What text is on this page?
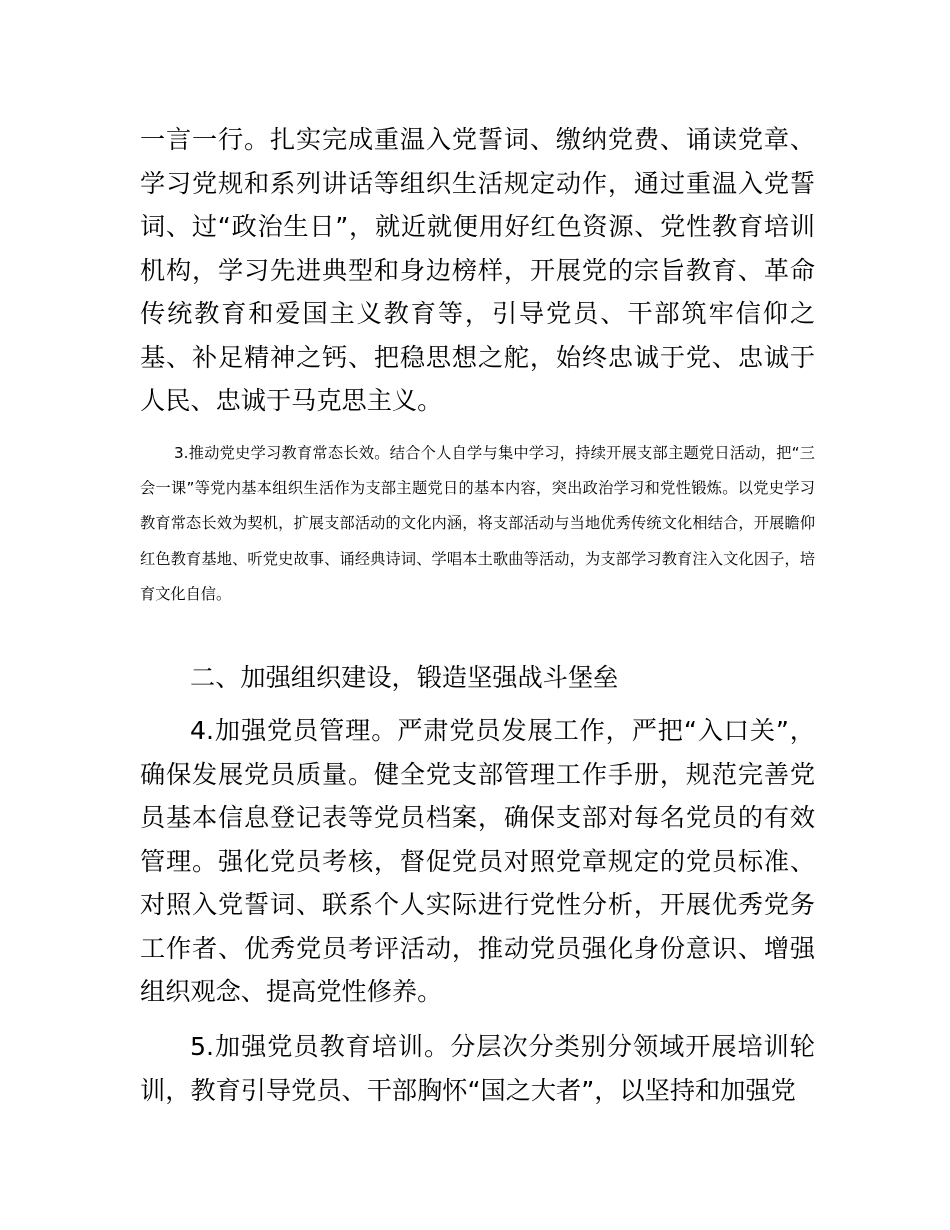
一言一行。扎实完成重温入党誓词、缴纳党费、诵读党章、学习党规和系列讲话等组织生活规定动作，通过重温入党誓词、过“政治生日”，就近就便用好红色资源、党性教育培训机构，学习先进典型和身边榜样，开展党的宗旨教育、革命传统教育和爱国主义教育等，引导党员、干部筑牢信仰之基、补足精神之钙、把稳思想之舵，始终忠诚于党、忠诚于人民、忠诚于马克思主义。

3.推动党史学习教育常态长效。结合个人自学与集中学习，持续开展支部主题党日活动，把“三会一课”等党内基本组织生活作为支部主题党日的基本内容，突出政治学习和党性锻炼。以党史学习教育常态长效为契机，扩展支部活动的文化内涵，将支部活动与当地优秀传统文化相结合，开展瞻仰红色教育基地、听党史故事、诵经典诗词、学唱本土歌曲等活动，为支部学习教育注入文化因子，培育文化自信。

二、加强组织建设，锻造坚强战斗堡垒

4.加强党员管理。严肃党员发展工作，严把“入口关”，确保发展党员质量。健全党支部管理工作手册，规范完善党员基本信息登记表等党员档案，确保支部对每名党员的有效管理。强化党员考核，督促党员对照党章规定的党员标准、对照入党誓词、联系个人实际进行党性分析，开展优秀党务工作者、优秀党员考评活动，推动党员强化身份意识、增强组织观念、提高党性修养。

5.加强党员教育培训。分层次分类别分领域开展培训轮训，教育引导党员、干部胸怀“国之大者”，以坚持和加强党
